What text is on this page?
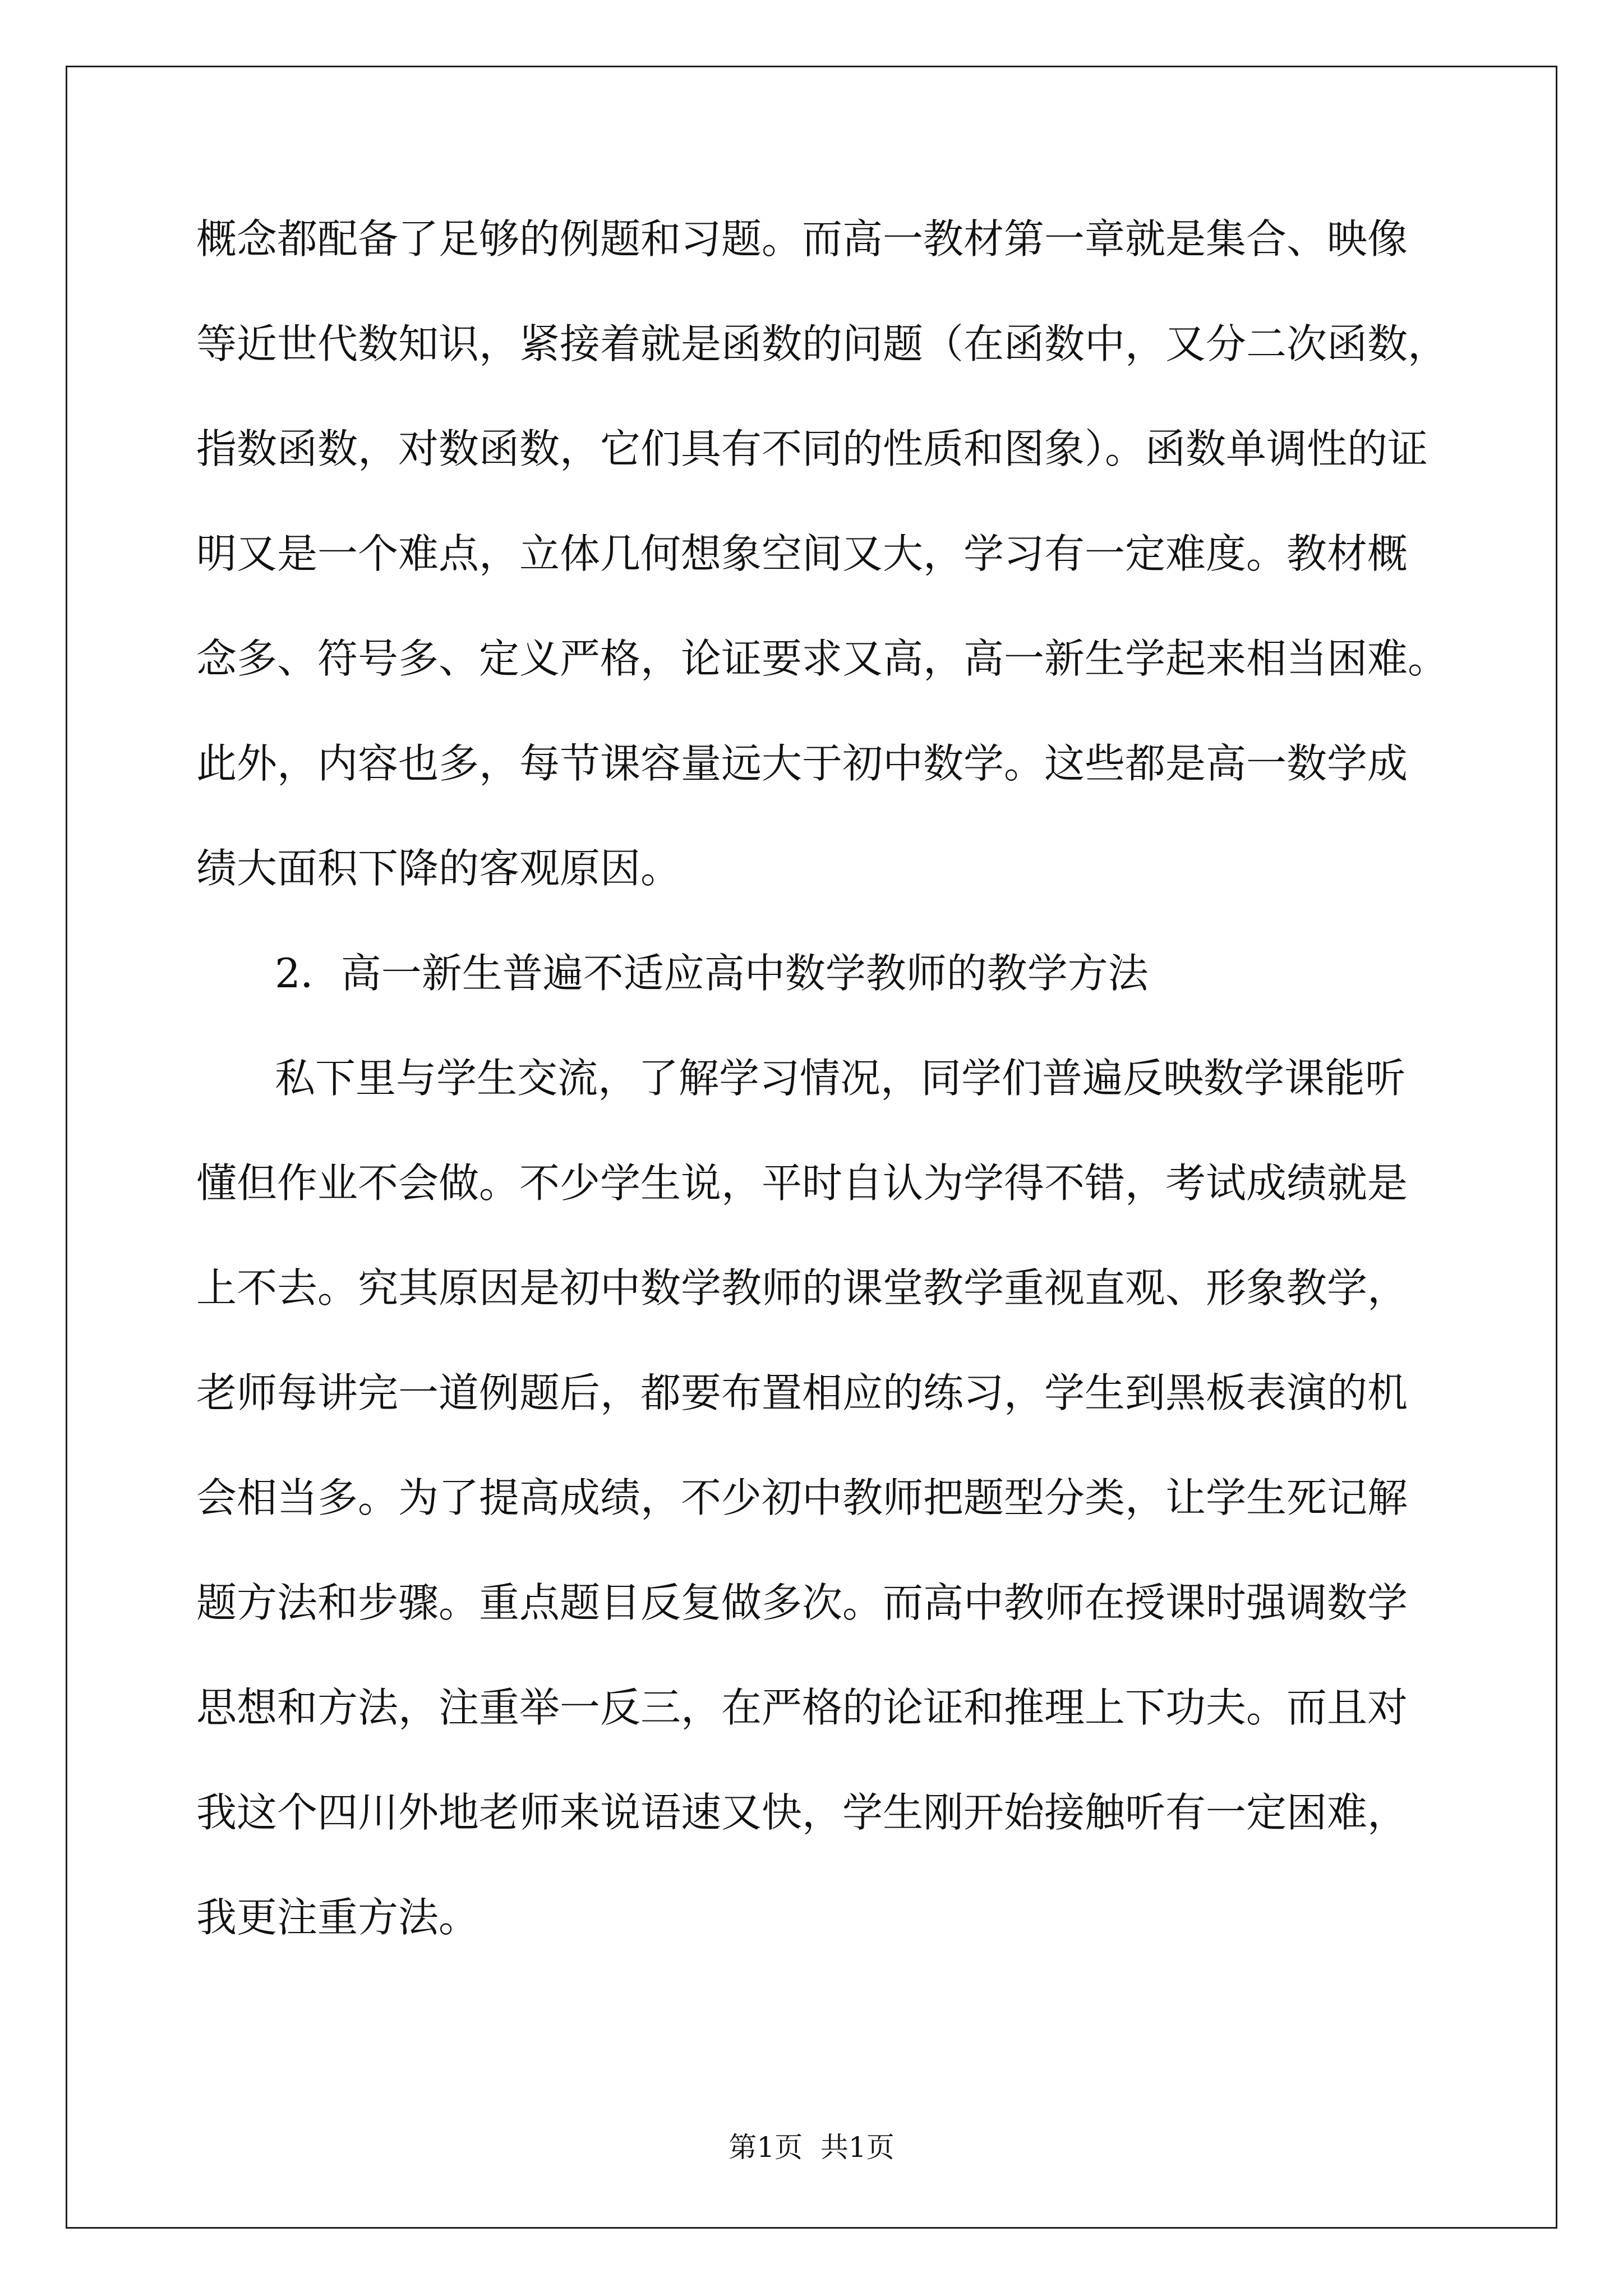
概念都配备了足够的例题和习题。而高一教材第一章就是集合、映像
等近世代数知识，紧接着就是函数的问题（在函数中，又分二次函数，
指数函数，对数函数，它们具有不同的性质和图象）。函数单调性的证
明又是一个难点，立体几何想象空间又大，学习有一定难度。教材概
念多、符号多、定义严格，论证要求又高，高一新生学起来相当困难。
此外，内容也多，每节课容量远大于初中数学。这些都是高一数学成
绩大面积下降的客观原因。
2．高一新生普遍不适应高中数学教师的教学方法
私下里与学生交流，了解学习情况，同学们普遍反映数学课能听
懂但作业不会做。不少学生说，平时自认为学得不错，考试成绩就是
上不去。究其原因是初中数学教师的课堂教学重视直观、形象教学，
老师每讲完一道例题后，都要布置相应的练习，学生到黑板表演的机
会相当多。为了提高成绩，不少初中教师把题型分类，让学生死记解
题方法和步骤。重点题目反复做多次。而高中教师在授课时强调数学
思想和方法，注重举一反三，在严格的论证和推理上下功夫。而且对
我这个四川外地老师来说语速又快，学生刚开始接触听有一定困难，
我更注重方法。
第1页  共1页
